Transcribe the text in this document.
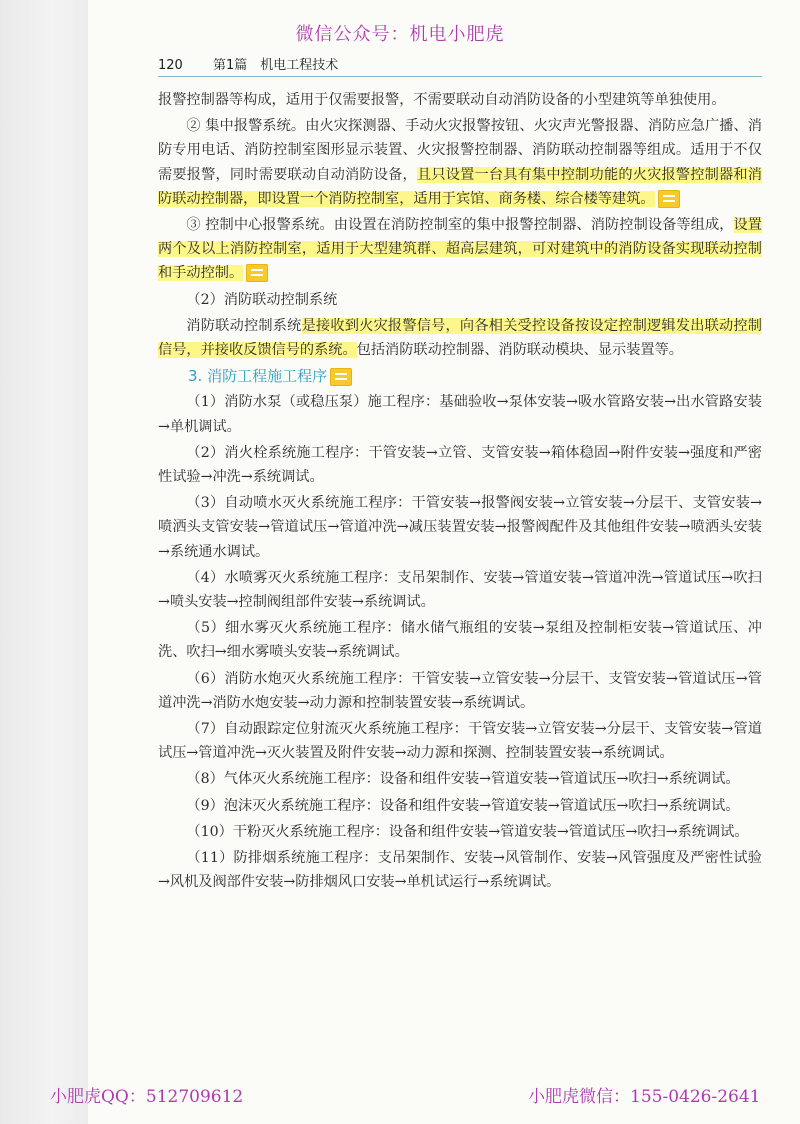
微信公众号：机电小肥虎
120 第1篇　机电工程技术

报警控制器等构成，适用于仅需要报警，不需要联动自动消防设备的小型建筑等单独使用。

② 集中报警系统。由火灾探测器、手动火灾报警按钮、火灾声光警报器、消防应急广播、消防专用电话、消防控制室图形显示装置、火灾报警控制器、消防联动控制器等组成。适用于不仅需要报警，同时需要联动自动消防设备，且只设置一台具有集中控制功能的火灾报警控制器和消防联动控制器，即设置一个消防控制室，适用于宾馆、商务楼、综合楼等建筑。

③ 控制中心报警系统。由设置在消防控制室的集中报警控制器、消防控制设备等组成，设置两个及以上消防控制室，适用于大型建筑群、超高层建筑，可对建筑中的消防设备实现联动控制和手动控制。

（2）消防联动控制系统

消防联动控制系统是接收到火灾报警信号，向各相关受控设备按设定控制逻辑发出联动控制信号，并接收反馈信号的系统。包括消防联动控制器、消防联动模块、显示装置等。

3. 消防工程施工程序

（1）消防水泵（或稳压泵）施工程序：基础验收→泵体安装→吸水管路安装→出水管路安装→单机调试。

（2）消火栓系统施工程序：干管安装→立管、支管安装→箱体稳固→附件安装→强度和严密性试验→冲洗→系统调试。

（3）自动喷水灭火系统施工程序：干管安装→报警阀安装→立管安装→分层干、支管安装→喷洒头支管安装→管道试压→管道冲洗→减压装置安装→报警阀配件及其他组件安装→喷洒头安装→系统通水调试。

（4）水喷雾灭火系统施工程序：支吊架制作、安装→管道安装→管道冲洗→管道试压→吹扫→喷头安装→控制阀组部件安装→系统调试。

（5）细水雾灭火系统施工程序：储水储气瓶组的安装→泵组及控制柜安装→管道试压、冲洗、吹扫→细水雾喷头安装→系统调试。

（6）消防水炮灭火系统施工程序：干管安装→立管安装→分层干、支管安装→管道试压→管道冲洗→消防水炮安装→动力源和控制装置安装→系统调试。

（7）自动跟踪定位射流灭火系统施工程序：干管安装→立管安装→分层干、支管安装→管道试压→管道冲洗→灭火装置及附件安装→动力源和探测、控制装置安装→系统调试。

（8）气体灭火系统施工程序：设备和组件安装→管道安装→管道试压→吹扫→系统调试。

（9）泡沫灭火系统施工程序：设备和组件安装→管道安装→管道试压→吹扫→系统调试。

（10）干粉灭火系统施工程序：设备和组件安装→管道安装→管道试压→吹扫→系统调试。

（11）防排烟系统施工程序：支吊架制作、安装→风管制作、安装→风管强度及严密性试验→风机及阀部件安装→防排烟风口安装→单机试运行→系统调试。

小肥虎QQ：512709612	小肥虎微信：155-0426-2641
